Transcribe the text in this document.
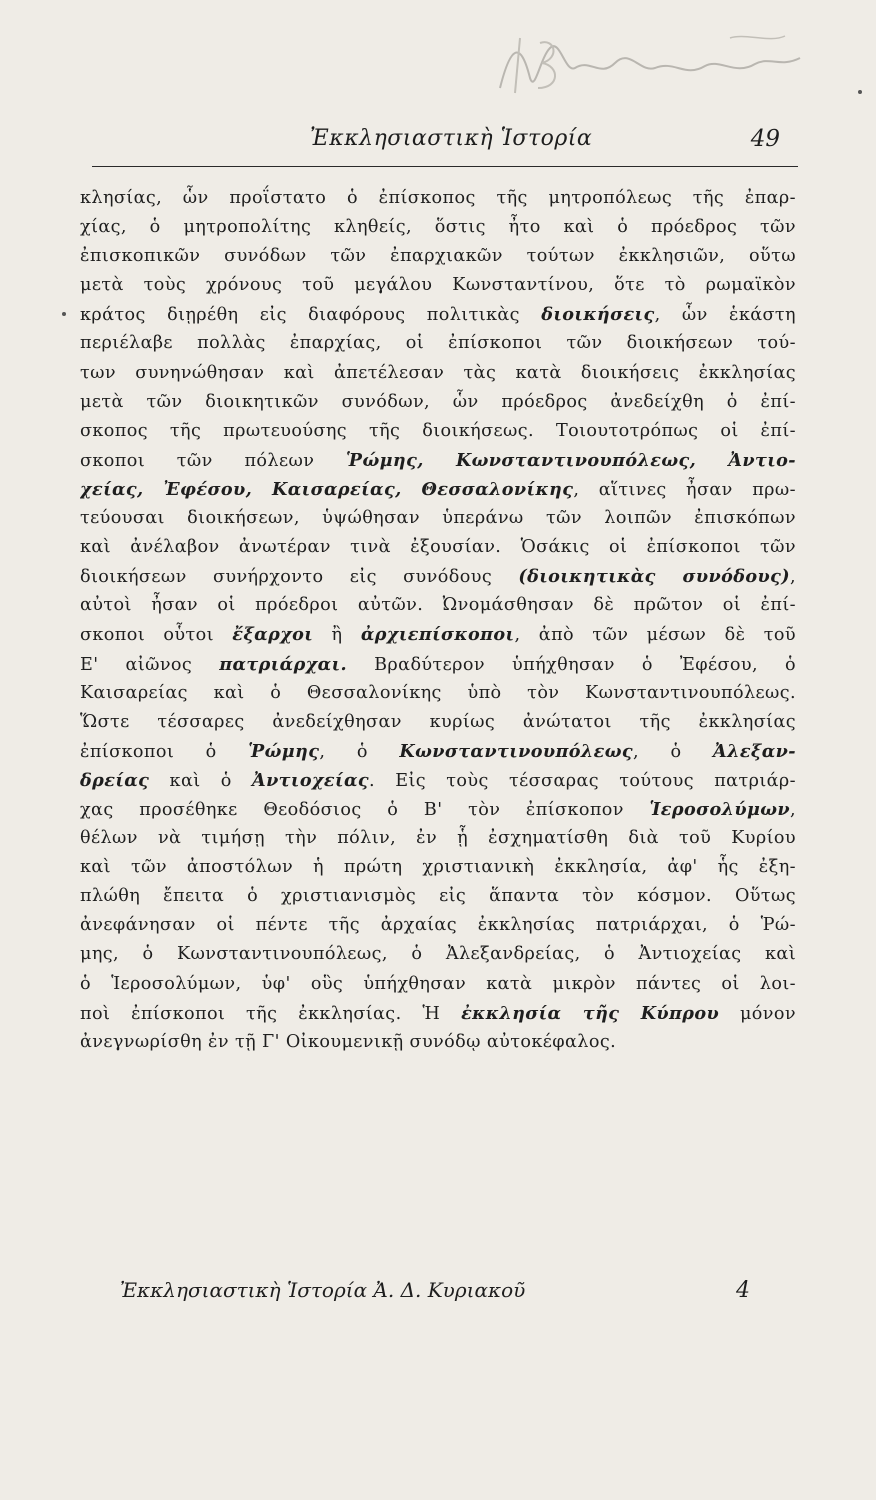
Ἐκκλησιαστικὴ Ἱστορία	49
κλησίας, ὧν προΐστατο ὁ ἐπίσκοπος τῆς μητροπόλεως τῆς ἐπαρ-
χίας, ὁ μητροπολίτης κληθείς, ὅστις ἦτο καὶ ὁ πρόεδρος τῶν
ἐπισκοπικῶν συνόδων τῶν ἐπαρχιακῶν τούτων ἐκκλησιῶν, οὕτω
μετὰ τοὺς χρόνους τοῦ μεγάλου Κωνσταντίνου, ὅτε τὸ ρωμαϊκὸν
κράτος διῃρέθη εἰς διαφόρους πολιτικὰς διοικήσεις, ὧν ἑκάστη
περιέλαβε πολλὰς ἐπαρχίας, οἱ ἐπίσκοποι τῶν διοικήσεων τού-
των συνηνώθησαν καὶ ἀπετέλεσαν τὰς κατὰ διοικήσεις ἐκκλησίας
μετὰ τῶν διοικητικῶν συνόδων, ὧν πρόεδρος ἀνεδείχθη ὁ ἐπί-
σκοπος τῆς πρωτευούσης τῆς διοικήσεως. Τοιουτοτρόπως οἱ ἐπί-
σκοποι τῶν πόλεων Ῥώμης, Κωνσταντινουπόλεως, Ἀντιο-
χείας, Ἐφέσου, Καισαρείας, Θεσσαλονίκης, αἵτινες ἦσαν πρω-
τεύουσαι διοικήσεων, ὑψώθησαν ὑπεράνω τῶν λοιπῶν ἐπισκόπων
καὶ ἀνέλαβον ἀνωτέραν τινὰ ἐξουσίαν. Ὁσάκις οἱ ἐπίσκοποι τῶν
διοικήσεων συνήρχοντο εἰς συνόδους (διοικητικὰς συνόδους),
αὐτοὶ ἦσαν οἱ πρόεδροι αὐτῶν. Ὠνομάσθησαν δὲ πρῶτον οἱ ἐπί-
σκοποι οὗτοι ἔξαρχοι ἢ ἀρχιεπίσκοποι, ἀπὸ τῶν μέσων δὲ τοῦ
Ε' αἰῶνος πατριάρχαι. Βραδύτερον ὑπήχθησαν ὁ Ἐφέσου, ὁ
Καισαρείας καὶ ὁ Θεσσαλονίκης ὑπὸ τὸν Κωνσταντινουπόλεως.
Ὥστε τέσσαρες ἀνεδείχθησαν κυρίως ἀνώτατοι τῆς ἐκκλησίας
ἐπίσκοποι ὁ Ῥώμης, ὁ Κωνσταντινουπόλεως, ὁ Ἀλεξαν-
δρείας καὶ ὁ Ἀντιοχείας. Εἰς τοὺς τέσσαρας τούτους πατριάρ-
χας προσέθηκε Θεοδόσιος ὁ Β' τὸν ἐπίσκοπον Ἱεροσολύμων,
θέλων νὰ τιμήσῃ τὴν πόλιν, ἐν ᾗ ἐσχηματίσθη διὰ τοῦ Κυρίου
καὶ τῶν ἀποστόλων ἡ πρώτη χριστιανικὴ ἐκκλησία, ἀφ' ἧς ἐξη-
πλώθη ἔπειτα ὁ χριστιανισμὸς εἰς ἅπαντα τὸν κόσμον. Οὕτως
ἀνεφάνησαν οἱ πέντε τῆς ἀρχαίας ἐκκλησίας πατριάρχαι, ὁ Ῥώ-
μης, ὁ Κωνσταντινουπόλεως, ὁ Ἀλεξανδρείας, ὁ Ἀντιοχείας καὶ
ὁ Ἱεροσολύμων, ὑφ' οὓς ὑπήχθησαν κατὰ μικρὸν πάντες οἱ λοι-
ποὶ ἐπίσκοποι τῆς ἐκκλησίας. Ἡ ἐκκλησία τῆς Κύπρου μόνον
ἀνεγνωρίσθη ἐν τῇ Γ' Οἰκουμενικῇ συνόδῳ αὐτοκέφαλος.
Ἐκκλησιαστικὴ Ἱστορία Ἀ. Δ. Κυριακοῦ	4
